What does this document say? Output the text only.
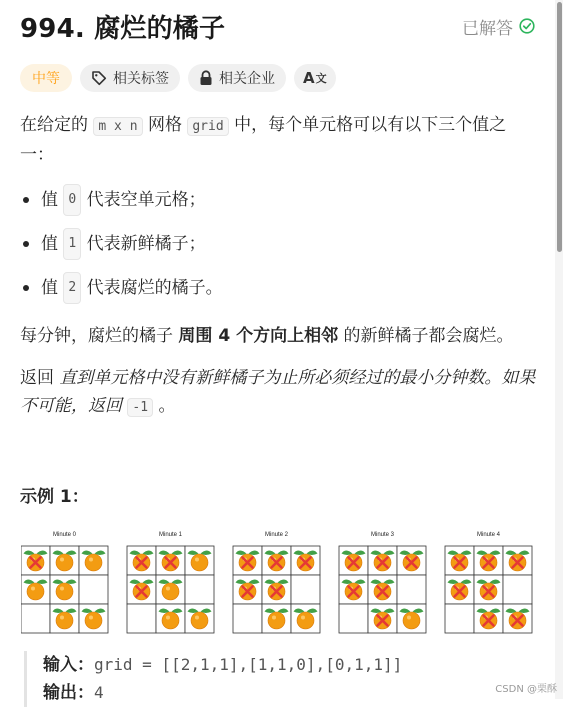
994. 腐烂的橘子	已解答
中等	相关标签	相关企业 A 文

在给定的 m x n 网格 grid 中，每个单元格可以有以下三个值之一：

值
0
代表空单元格；
值
1
代表新鲜橘子；
值
2
代表腐烂的橘子。

每分钟，腐烂的橘子 周围 4 个方向上相邻 的新鲜橘子都会腐烂。

返回 直到单元格中没有新鲜橘子为止所必须经过的最小分钟数。如果不可能，返回 -1 。

示例 1：
Minute 0	Minute 1	Minute 2	Minute 3	Minute 4
输入：grid = [[2,1,1],[1,1,0],[0,1,1]]
输出：4	CSDN @栗酥
